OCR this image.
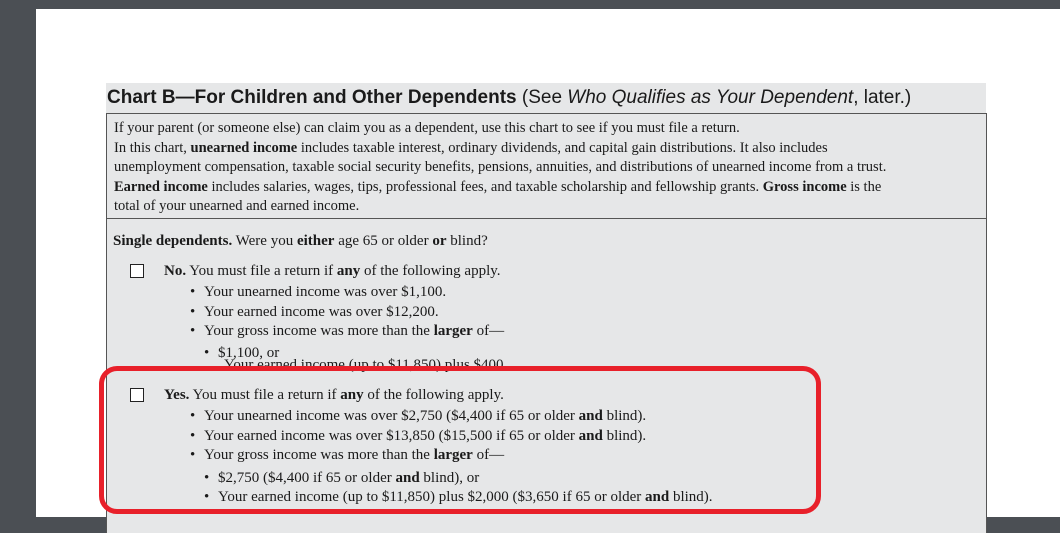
Chart B—For Children and Other Dependents (See Who Qualifies as Your Dependent, later.)
If your parent (or someone else) can claim you as a dependent, use this chart to see if you must file a return.
In this chart, unearned income includes taxable interest, ordinary dividends, and capital gain distributions. It also includes
unemployment compensation, taxable social security benefits, pensions, annuities, and distributions of unearned income from a trust.
Earned income includes salaries, wages, tips, professional fees, and taxable scholarship and fellowship grants. Gross income is the
total of your unearned and earned income.
Single dependents. Were you either age 65 or older or blind?
No. You must file a return if any of the following apply.
• Your unearned income was over $1,100.
• Your earned income was over $12,200.
• Your gross income was more than the larger of—
• $1,100, or
Your earned income (up to $11,850) plus $400.
Yes. You must file a return if any of the following apply.
• Your unearned income was over $2,750 ($4,400 if 65 or older and blind).
• Your earned income was over $13,850 ($15,500 if 65 or older and blind).
• Your gross income was more than the larger of—
• $2,750 ($4,400 if 65 or older and blind), or
• Your earned income (up to $11,850) plus $2,000 ($3,650 if 65 or older and blind).
